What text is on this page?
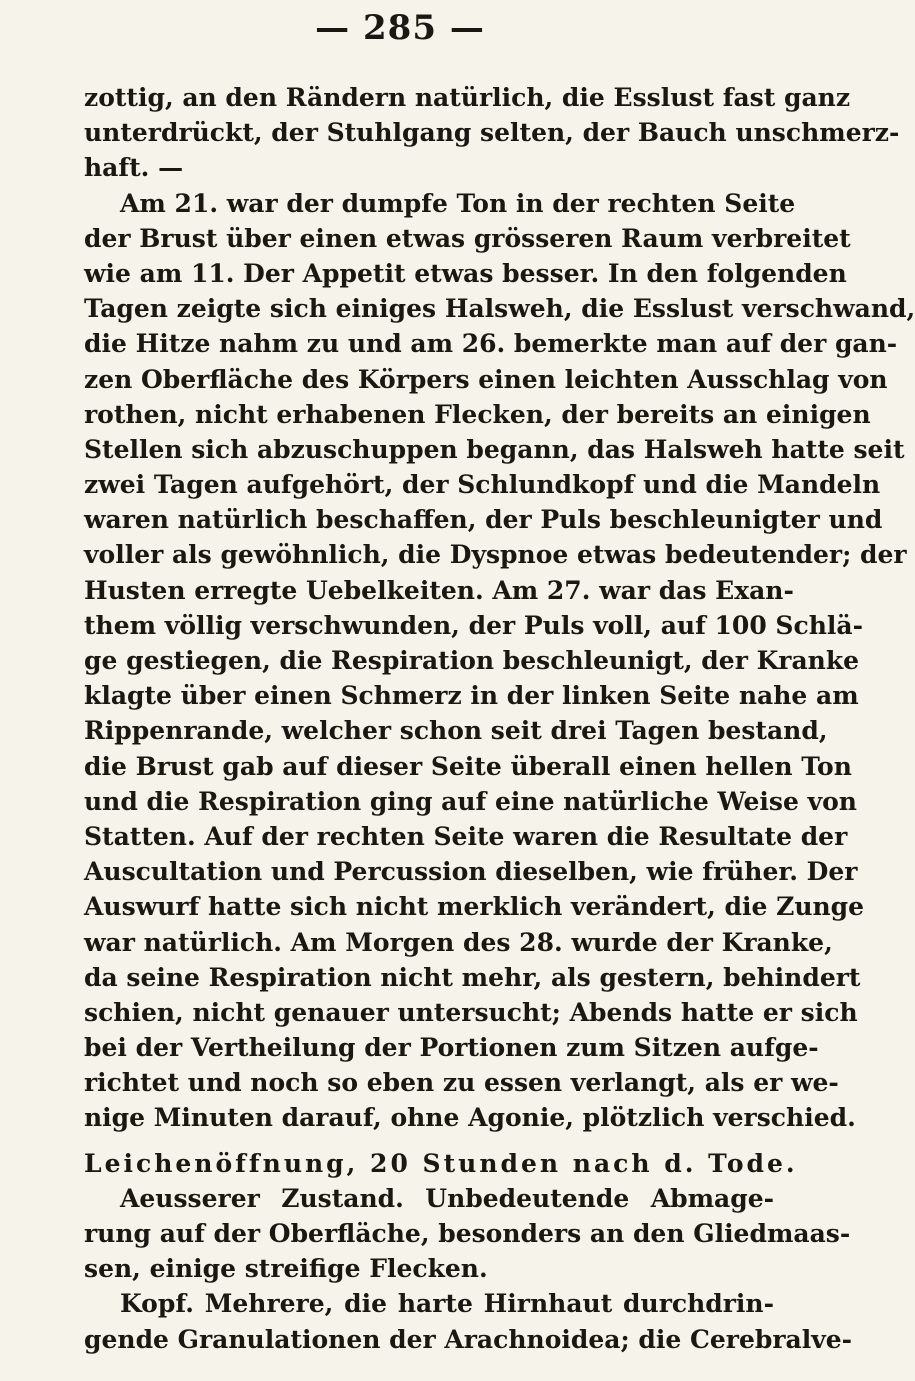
— 285 —
zottig, an den Rändern natürlich, die Esslust fast ganz
unterdrückt, der Stuhlgang selten, der Bauch unschmerz-
haft. —
Am 21. war der dumpfe Ton in der rechten Seite
der Brust über einen etwas grösseren Raum verbreitet
wie am 11. Der Appetit etwas besser. In den folgenden
Tagen zeigte sich einiges Halsweh, die Esslust verschwand,
die Hitze nahm zu und am 26. bemerkte man auf der gan-
zen Oberfläche des Körpers einen leichten Ausschlag von
rothen, nicht erhabenen Flecken, der bereits an einigen
Stellen sich abzuschuppen begann, das Halsweh hatte seit
zwei Tagen aufgehört, der Schlundkopf und die Mandeln
waren natürlich beschaffen, der Puls beschleunigter und
voller als gewöhnlich, die Dyspnoe etwas bedeutender; der
Husten erregte Uebelkeiten. Am 27. war das Exan-
them völlig verschwunden, der Puls voll, auf 100 Schlä-
ge gestiegen, die Respiration beschleunigt, der Kranke
klagte über einen Schmerz in der linken Seite nahe am
Rippenrande, welcher schon seit drei Tagen bestand,
die Brust gab auf dieser Seite überall einen hellen Ton
und die Respiration ging auf eine natürliche Weise von
Statten. Auf der rechten Seite waren die Resultate der
Auscultation und Percussion dieselben, wie früher. Der
Auswurf hatte sich nicht merklich verändert, die Zunge
war natürlich. Am Morgen des 28. wurde der Kranke,
da seine Respiration nicht mehr, als gestern, behindert
schien, nicht genauer untersucht; Abends hatte er sich
bei der Vertheilung der Portionen zum Sitzen aufge-
richtet und noch so eben zu essen verlangt, als er we-
nige Minuten darauf, ohne Agonie, plötzlich verschied.
Leichenöffnung, 20 Stunden nach d. Tode.
Aeusserer Zustand. Unbedeutende Abmage-
rung auf der Oberfläche, besonders an den Gliedmaas-
sen, einige streifige Flecken.
Kopf. Mehrere, die harte Hirnhaut durchdrin-
gende Granulationen der Arachnoidea; die Cerebralve-
